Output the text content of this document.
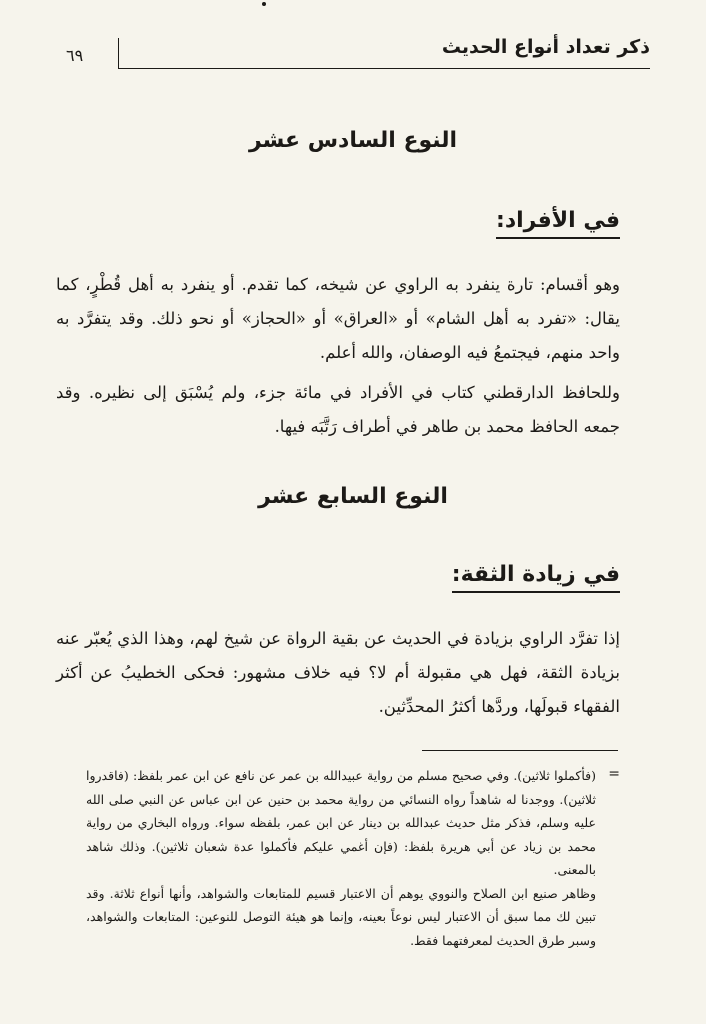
ذكر تعداد أنواع الحديث
٦٩
النوع السادس عشر
في الأفراد:

وهو أقسام: تارة ينفرد به الراوي عن شيخه، كما تقدم. أو ينفرد به أهل قُطْرٍ، كما يقال: «تفرد به أهل الشام» أو «العراق» أو «الحجاز» أو نحو ذلك. وقد يتفرَّد به واحد منهم، فيجتمعُ فيه الوصفان، والله أعلم.

وللحافظ الدارقطني كتاب في الأفراد في مائة جزء، ولم يُسْبَق إلى نظيره. وقد جمعه الحافظ محمد بن طاهر في أطراف رَتَّبَه فيها.

النوع السابع عشر
في زيادة الثقة:

إذا تفرَّد الراوي بزيادة في الحديث عن بقية الرواة عن شيخ لهم، وهذا الذي يُعبّر عنه بزيادة الثقة، فهل هي مقبولة أم لا؟ فيه خلاف مشهور: فحكى الخطيبُ عن أكثر الفقهاء قبولَها، وردَّها أكثرُ المحدِّثين.

=

(فأكملوا ثلاثين). وفي صحيح مسلم من رواية عبيدالله بن عمر عن نافع عن ابن عمر بلفظ: (فاقدروا ثلاثين). ووجدنا له شاهداً رواه النسائي من رواية محمد بن حنين عن ابن عباس عن النبي صلى الله عليه وسلم، فذكر مثل حديث عبدالله بن دينار عن ابن عمر، بلفظه سواء. ورواه البخاري من رواية محمد بن زياد عن أبي هريرة بلفظ: (فإن أغمي عليكم فأكملوا عدة شعبان ثلاثين). وذلك شاهد بالمعنى.

وظاهر صنيع ابن الصلاح والنووي يوهم أن الاعتبار قسيم للمتابعات والشواهد، وأنها أنواع ثلاثة. وقد تبين لك مما سبق أن الاعتبار ليس نوعاً بعينه، وإنما هو هيئة التوصل للنوعين: المتابعات والشواهد، وسبر طرق الحديث لمعرفتهما فقط.
